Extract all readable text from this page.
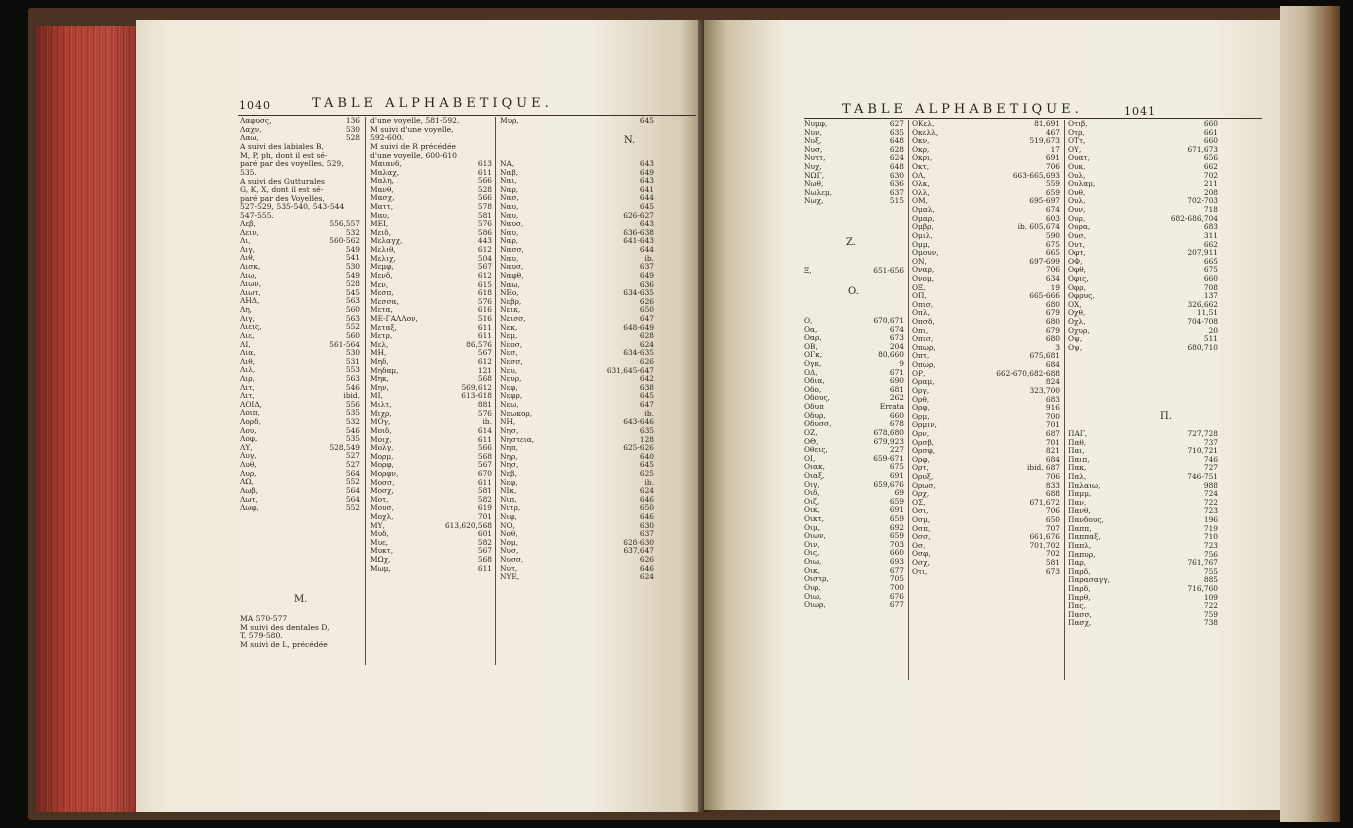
1040	TABLE ALPHABETIQUE.
Λαφυσς,	136
Λαχν,	530
Λαω,	528
A suivi des labiales B,
M, P, ph, dont il est sé-
paré par des voyelles, 529,
535.
A suivi des Gutturales
G, K, X, dont il est sé-
paré par des Voyelles,
527-529, 535-540, 543-544
547-555.
Λεβ,	556,557
Λειν,	532
Λι,	560-562
Λιγ,	549
Λιθ,	541
Λισκ,	530
Λιω,	549
Λιων,	528
Λιωτ,	545
ΛΗΔ,	563
Λη,	560
Λιγ,	563
Λιεις,	552
Λιε,	560
ΛΙ,	561-564
Λια,	530
Λιθ,	531
Λιλ,	553
Λιρ,	563
Λιτ,	546
Λιτ,	ibid.
ΛΟΙΔ,	556
Λοιπ,	535
Λορδ,	532
Λου,	546
Λοφ,	535
ΛΥ,	528,549
Λυγ,	527
Λυθ,	527
Λυρ,	564
ΛΩ,	552
Λωβ,	564
Λωτ,	564
Λωφ,	552
M.
MA 570-577
M suivi des dentales D,
T, 579-580.
M suivi de L, précédée
d'une voyelle, 581-592.
M suivi d'une voyelle,
592-600.
M suivi de R précédée
d'une voyelle, 600-610
Μαιανδ,	613
Μαλαχ,	611
Μαλη,	566
Μανθ,	528
Μασχ,	566
Ματτ,	578
Μαυ,	581
ΜΕΙ,	576
Μειδ,	586
Μελαγχ,	443
Μελιθ,	612
Μελιχ,	504
Μεμφ,	567
Μενδ,	612
Μεν,	615
Μεσπ,	618
Μεσσα,	576
Μετα,	616
ΜΕ-ΓΑΛΛον,	516
Μεταξ,	611
Μετρ,	611
Μελ,	86,576
ΜΗ,	567
Μηδ,	612
Μηδαμ,	121
Μηκ,	568
Μην,	569,612
ΜΙ,	613-618
Μιλτ,	881
Μιχρ,	576
ΜΟγ,	ib.
Μοιδ,	614
Μοιχ,	611
Μολγ,	566
Μορμ,	568
Μορφ,	567
Μορφν,	670
Μοσσ,	611
Μοσχ,	581
Μοτ,	582
Μουσ,	619
Μοχλ,	701
ΜΥ,	613,620,568
Μυδ,	601
Μυε,	582
Μυκτ,	567
ΜΩχ,	568
Μωμ,	611
Μυρ,	645
N.
ΝΑ,	643
Ναβ,	649
Ναι,	643
Ναρ,	641
Νασ,	644
Ναυ,	645
Ναυ,	626-627
Ναυσ,	643
Ναυ,	636-638
Ναρ,	641-643
Νασσ,	644
Ναυ,	ib.
Ναυσ,	637
Ναφθ,	649
Ναω,	636
ΝΕο,	634-635
Νεβρ,	626
Νεικ,	650
Νεισσ,	647
Νεκ,	648-649
Νεμ,	628
Νεοσ,	624
Νεσ,	634-635
Νεσσ,	626
Νευ,	631,645-647
Νευρ,	642
Νεφ,	638
Νεφρ,	645
Νεω,	647
Νεωκορ,	ib.
ΝΗ,	643-646
Νησ,	635
Νηστεια,	128
Νηπ,	625-626
Νηρ,	640
Νησ,	645
Νεβ,	625
Νεφ,	ib.
ΝΙκ,	624
Νιπ,	646
Νιτρ,	650
Νιφ,	646
ΝΟ,	630
Νοθ,	637
Νομ,	628-630
Νυσ,	637,647
Νυσσ,	626
Νυτ,	646
ΝΥΕ,	624
TABLE ALPHABETIQUE.	1041
Νυμφ,	627
Νυν,	635
Νυξ,	648
Νυσ,	628
Νυττ,	624
Νυχ,	648
ΝΩΓ,	630
Νωθ,	636
Νωλεμ,	637
Νωχ,	515
Z.
Ξ,	651-656
O.
Ο,	670,671
Οα,	674
Οαρ,	673
ΟΒ,	204
ΟΓκ,	80,660
Ογκ,	9
ΟΔ,	671
Οδια,	690
Οδο,	681
Οδους,	262
Οδυπ	Errata
Οδυρ,	660
Οδυσσ,	678
ΟΖ,	678,680
ΟΘ,	679,923
Οθεις,	227
ΟΙ,	659-671
Οιακ,	675
Οιαξ,	691
Οιγ,	659,676
Οιδ,	69
Οιζ,	659
Οικ,	691
Οικτ,	659
Οιμ,	692
Οιων,	659
Οιν,	703
Οις,	660
Οιω,	693
Οικ,	677
Οιστρ,	705
Οιφ,	700
Οιω,	676
Οιωρ,	677
ΟΚελ,	81,691
Οκελλ,	467
Οκν,	519,673
Οκρ,	17
Οκρι,	691
Οκτ,	706
ΟΛ,	663-665,693
Ολκ,	559
Ολλ,	659
ΟΜ,	695-697
Ομαλ,	674
Ομαρ,	603
Ομβρ,	ib. 605,674
Ομιλ,	590
Ομμ,	675
Ομουν,	665
ΟΝ,	697-699
Οναρ,	706
Ονομ,	634
ΟΞ,	19
ΟΠ,	665-666
Οπισ,	680
Οπλ,	679
Οπσδ,	680
Οπι,	679
Οπισ,	680
Οπωρ,	3
Οπτ,	675,681
Οπωρ,	684
ΟΡ,	662-670,682-688
Οραμ,	824
Οργ,	323,700
Ορθ,	683
Ορφ,	916
Ορμ,	700
Ορμιν,	701
Ορν,	687
Ορσβ,	701
Ορσφ,	821
Ορφ,	684
Ορτ,	ibid. 687
Ορυξ,	706
Ορωσ,	833
Ορχ,	688
ΟΣ,	671,672
Οσι,	706
Οσμ,	650
Οσπ,	707
Οσσ,	661,676
Οσ,	701,702
Οσφ,	702
Οσχ,	581
Οτι,	673
Οτιβ,	660
Οτρ,	661
ΟΤτ,	660
ΟΥ,	671,673
Ουατ,	656
Ουκ,	662
Ουλ,	702
Ουλαμ,	211
Ουθ,	208
Ουλ,	702-703
Ουν,	718
Ουρ,	682-686,704
Ουρα,	683
Ουσ,	311
Ουτ,	662
Οφτ,	207,911
ΟΦ,	665
Οφθ,	675
Οφις,	660
Οφρ,	708
Οφρυς,	137
ΟΧ,	326,662
Οχθ,	11,51
Οχλ,	704-708
Οχυρ,	20
Οψ,	511
Οψ,	680,710
Π.
ΠΑΓ,	727,728
Παθ,	737
Παι,	710,721
Παιπ,	746
Πακ,	727
Παλ,	746-751
Παλαιω,	988
Παμμ,	724
Παν,	722
Πανθ,	723
Πανδους,	196
Παππ,	719
Παππαξ,	710
Παπλ,	723
Παπυρ,	756
Παρ,	761,767
Παρδ,	755
Παρασαγγ,	885
Παρδ,	716,760
Παρθ,	109
Πας,	722
Πασσ,	759
Πασχ,	738
